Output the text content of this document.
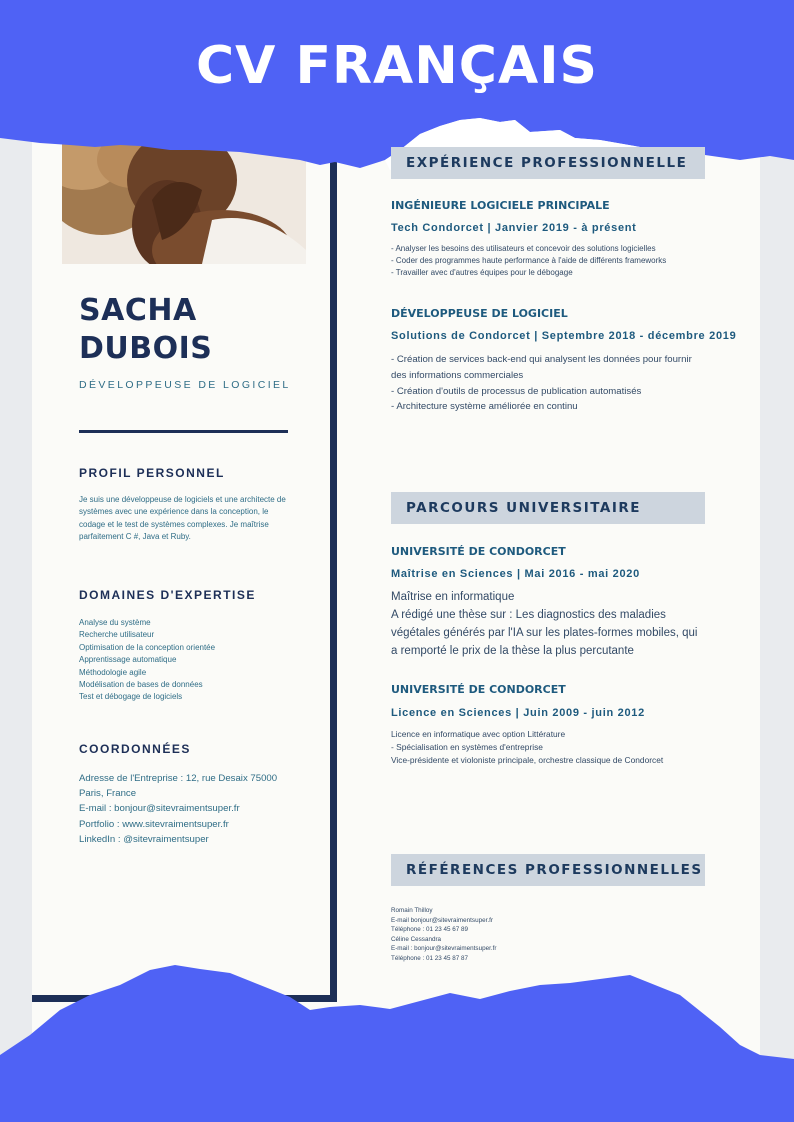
CV FRANÇAIS
SACHA
DUBOIS
DÉVELOPPEUSE DE LOGICIEL
PROFIL PERSONNEL
Je suis une développeuse de logiciels et une architecte de systèmes avec une expérience dans la conception, le codage et le test de systèmes complexes. Je maîtrise parfaitement C #, Java et Ruby.
DOMAINES D'EXPERTISE
Analyse du système
Recherche utilisateur
Optimisation de la conception orientée
Apprentissage automatique
Méthodologie agile
Modélisation de bases de données
Test et débogage de logiciels
COORDONNÉES
Adresse de l'Entreprise : 12, rue Desaix 75000
Paris, France
E-mail : bonjour@sitevraimentsuper.fr
Portfolio : www.sitevraimentsuper.fr
LinkedIn : @sitevraimentsuper
EXPÉRIENCE PROFESSIONNELLE
INGÉNIEURE LOGICIELE PRINCIPALE
Tech Condorcet | Janvier 2019 - à présent
- Analyser les besoins des utilisateurs et concevoir des solutions logicielles
- Coder des programmes haute performance à l'aide de différents frameworks
- Travailler avec d'autres équipes pour le débogage
DÉVELOPPEUSE DE LOGICIEL
Solutions de Condorcet | Septembre 2018 - décembre 2019
- Création de services back-end qui analysent les données pour fournir
des informations commerciales
- Création d'outils de processus de publication automatisés
- Architecture système améliorée en continu
PARCOURS UNIVERSITAIRE
UNIVERSITÉ DE CONDORCET
Maîtrise en Sciences | Mai 2016 - mai 2020
Maîtrise en informatique
A rédigé une thèse sur : Les diagnostics des maladies
végétales générés par l'IA sur les plates-formes mobiles, qui
a remporté le prix de la thèse la plus percutante
UNIVERSITÉ DE CONDORCET
Licence en Sciences | Juin 2009 - juin 2012
Licence en informatique avec option Littérature
- Spécialisation en systèmes d'entreprise
Vice-présidente et violoniste principale, orchestre classique de Condorcet
RÉFÉRENCES PROFESSIONNELLES
Romain Thilloy
E-mail bonjour@sitevraimentsuper.fr
Téléphone : 01 23 45 67 89
Céline Cessandra
E-mail : bonjour@sitevraimentsuper.fr
Téléphone : 01 23 45 87 87
